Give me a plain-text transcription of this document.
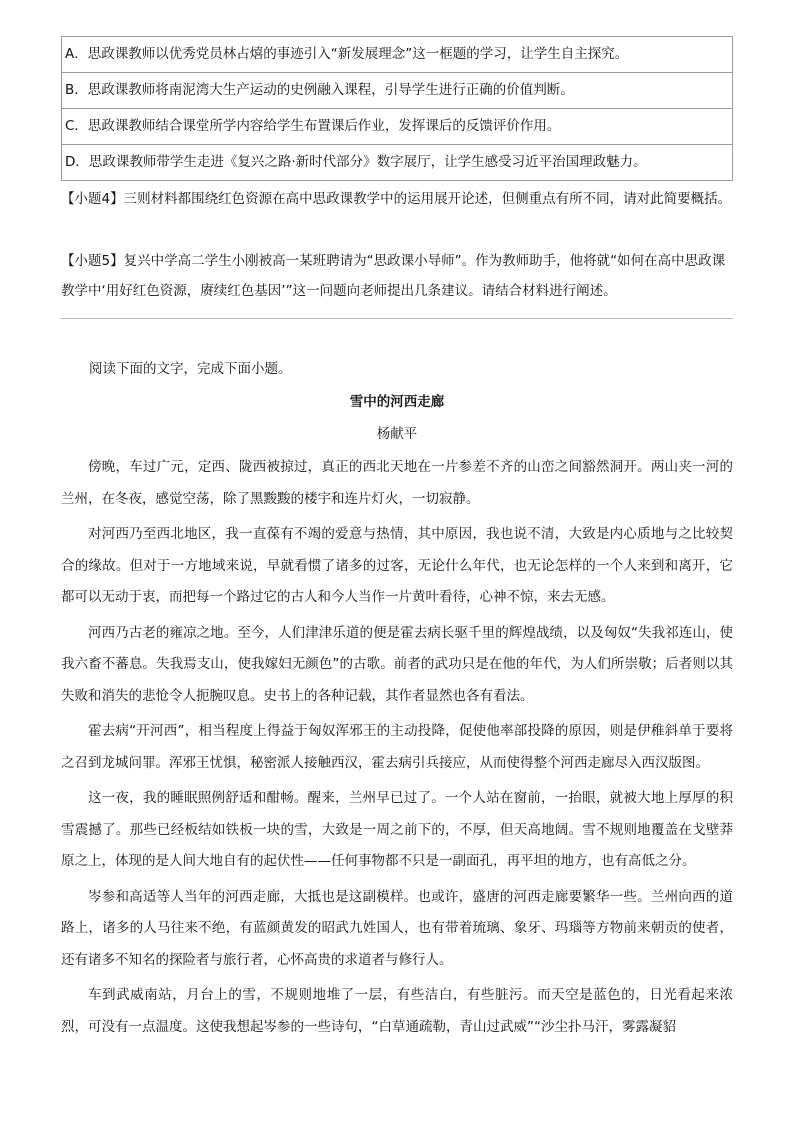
A．思政课教师以优秀党员林占熺的事迹引入“新发展理念”这一框题的学习，让学生自主探究。
B．思政课教师将南泥湾大生产运动的史例融入课程，引导学生进行正确的价值判断。
C．思政课教师结合课堂所学内容给学生布置课后作业，发挥课后的反馈评价作用。
D．思政课教师带学生走进《复兴之路·新时代部分》数字展厅，让学生感受习近平治国理政魅力。
【小题4】三则材料都围绕红色资源在高中思政课教学中的运用展开论述，但侧重点有所不同，请对此简要概括。
【小题5】复兴中学高二学生小刚被高一某班聘请为“思政课小导师”。作为教师助手，他将就“如何在高中思政课教学中‘用好红色资源，赓续红色基因’”这一问题向老师提出几条建议。请结合材料进行阐述。
阅读下面的文字，完成下面小题。
雪中的河西走廊
杨献平

傍晚，车过广元，定西、陇西被掠过，真正的西北天地在一片参差不齐的山峦之间豁然洞开。两山夹一河的兰州，在冬夜，感觉空荡，除了黑黢黢的楼宇和连片灯火，一切寂静。

对河西乃至西北地区，我一直葆有不竭的爱意与热情，其中原因，我也说不清，大致是内心质地与之比较契合的缘故。但对于一方地域来说，早就看惯了诸多的过客，无论什么年代，也无论怎样的一个人来到和离开，它都可以无动于衷，而把每一个路过它的古人和今人当作一片黄叶看待，心神不惊，来去无感。

河西乃古老的雍凉之地。至今，人们津津乐道的便是霍去病长驱千里的辉煌战绩，以及匈奴“失我祁连山，使我六畜不蕃息。失我焉支山，使我嫁妇无颜色”的古歌。前者的武功只是在他的年代，为人们所崇敬；后者则以其失败和消失的悲怆令人扼腕叹息。史书上的各种记载，其作者显然也各有看法。

霍去病“开河西”，相当程度上得益于匈奴浑邪王的主动投降，促使他率部投降的原因，则是伊稚斜单于要将之召到龙城问罪。浑邪王忧惧，秘密派人接触西汉，霍去病引兵接应，从而使得整个河西走廊尽入西汉版图。

这一夜，我的睡眠照例舒适和酣畅。醒来，兰州早已过了。一个人站在窗前，一抬眼，就被大地上厚厚的积雪震撼了。那些已经板结如铁板一块的雪，大致是一周之前下的，不厚，但天高地阔。雪不规则地覆盖在戈壁莽原之上，体现的是人间大地自有的起伏性——任何事物都不只是一副面孔，再平坦的地方，也有高低之分。

岑参和高适等人当年的河西走廊，大抵也是这副模样。也或许，盛唐的河西走廊要繁华一些。兰州向西的道路上，诸多的人马往来不绝，有蓝颜黄发的昭武九姓国人，也有带着琉璃、象牙、玛瑙等方物前来朝贡的使者，还有诸多不知名的探险者与旅行者，心怀高贵的求道者与修行人。

车到武威南站，月台上的雪，不规则地堆了一层，有些洁白，有些脏污。而天空是蓝色的，日光看起来浓烈，可没有一点温度。这使我想起岑参的一些诗句，“白草通疏勒，青山过武威”“沙尘扑马汗，雾露凝貂
